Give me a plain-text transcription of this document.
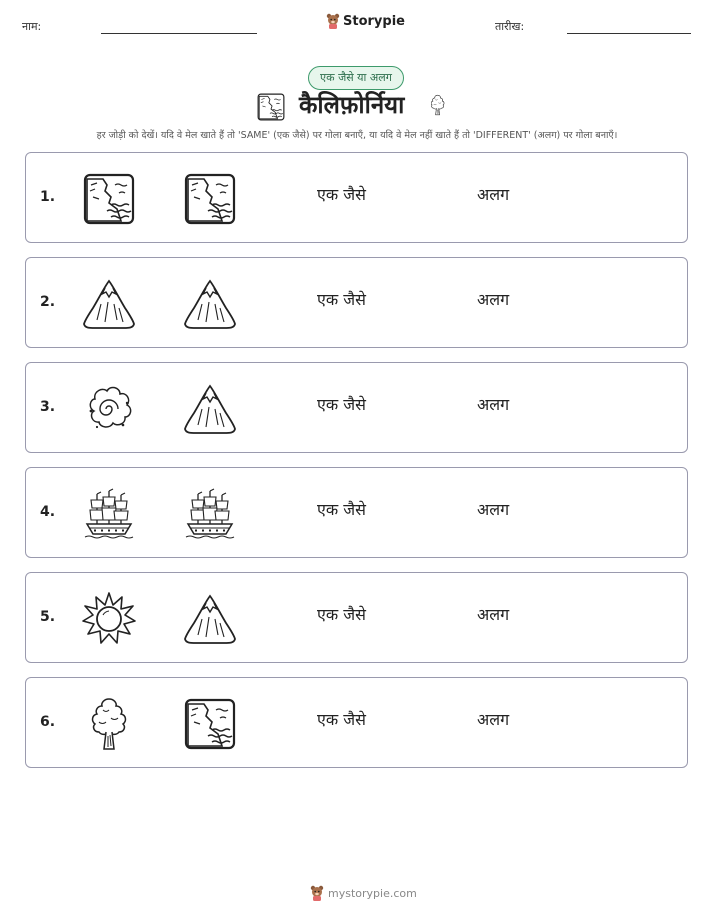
नाम:	Storypie	तारीख:
एक जैसे या अलग
कैलिफ़ोर्निया
हर जोड़ी को देखें। यदि वे मेल खाते हैं तो 'SAME' (एक जैसे) पर गोला बनाएँ, या यदि वे मेल नहीं खाते हैं तो 'DIFFERENT' (अलग) पर गोला बनाएँ।
1.	एक जैसे	अलग
2.	एक जैसे	अलग
3.	एक जैसे	अलग
4.	एक जैसे	अलग
5.	एक जैसे	अलग
6.	एक जैसे	अलग
mystorypie.com
